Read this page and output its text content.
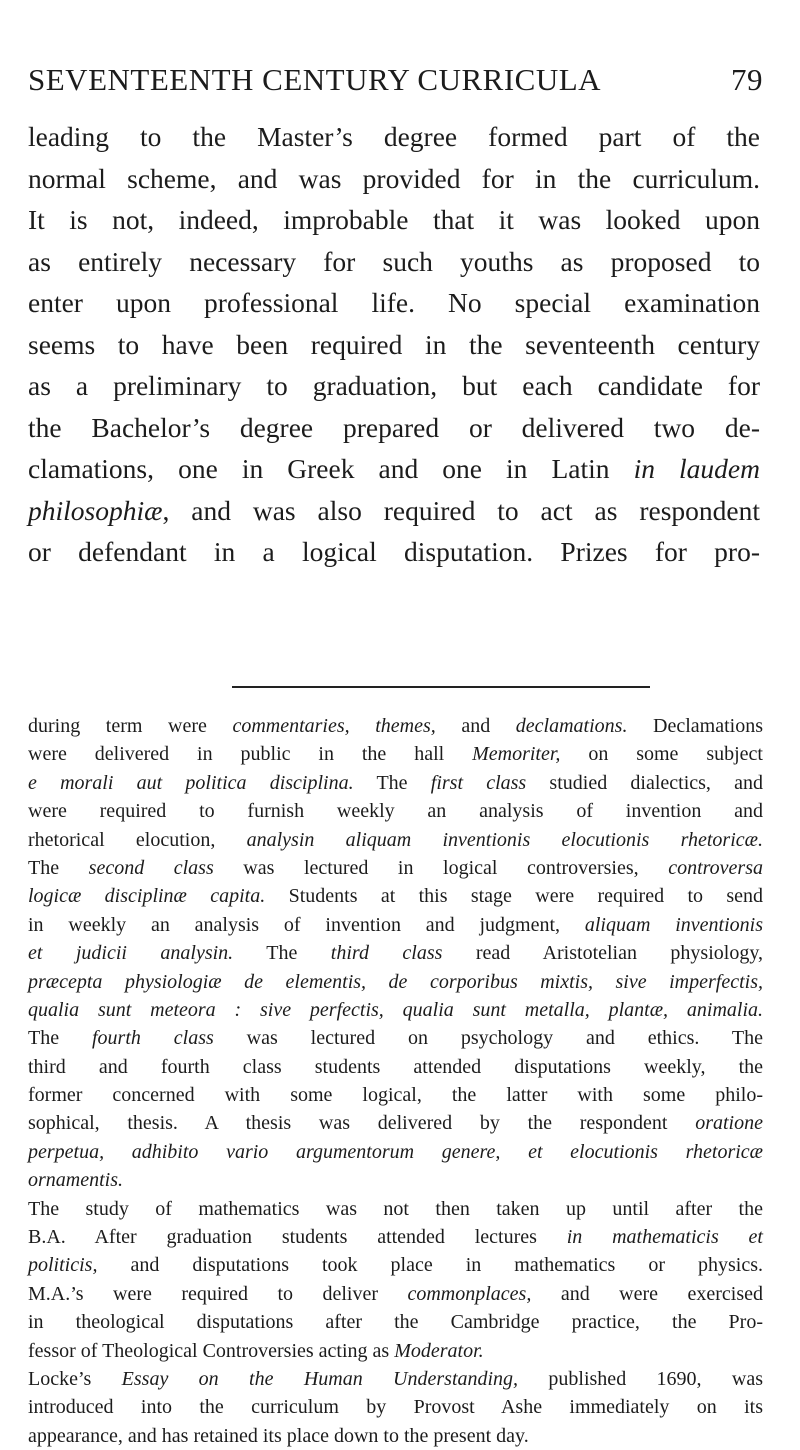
SEVENTEENTH CENTURY CURRICULA	79
leading to the Master’s degree formed part of the
normal scheme, and was provided for in the curriculum.
It is not, indeed, improbable that it was looked upon
as entirely necessary for such youths as proposed to
enter upon professional life. No special examination
seems to have been required in the seventeenth century
as a preliminary to graduation, but each candidate for
the Bachelor’s degree prepared or delivered two de-
clamations, one in Greek and one in Latin in laudem
philosophiæ, and was also required to act as respondent
or defendant in a logical disputation. Prizes for pro-
during term were commentaries, themes, and declamations. Declamations
were delivered in public in the hall Memoriter, on some subject
e morali aut politica disciplina. The first class studied dialectics, and
were required to furnish weekly an analysis of invention and
rhetorical elocution, analysin aliquam inventionis elocutionis rhetoricæ.
The second class was lectured in logical controversies, controversa
logicæ disciplinæ capita. Students at this stage were required to send
in weekly an analysis of invention and judgment, aliquam inventionis
et judicii analysin. The third class read Aristotelian physiology,
præcepta physiologiæ de elementis, de corporibus mixtis, sive imperfectis,
qualia sunt meteora : sive perfectis, qualia sunt metalla, plantæ, animalia.
The fourth class was lectured on psychology and ethics. The
third and fourth class students attended disputations weekly, the
former concerned with some logical, the latter with some philo-
sophical, thesis. A thesis was delivered by the respondent oratione
perpetua, adhibito vario argumentorum genere, et elocutionis rhetoricæ
ornamentis.
The study of mathematics was not then taken up until after the
B.A. After graduation students attended lectures in mathematicis et
politicis, and disputations took place in mathematics or physics.
M.A.’s were required to deliver commonplaces, and were exercised
in theological disputations after the Cambridge practice, the Pro-
fessor of Theological Controversies acting as Moderator.
Locke’s Essay on the Human Understanding, published 1690, was
introduced into the curriculum by Provost Ashe immediately on its
appearance, and has retained its place down to the present day.
